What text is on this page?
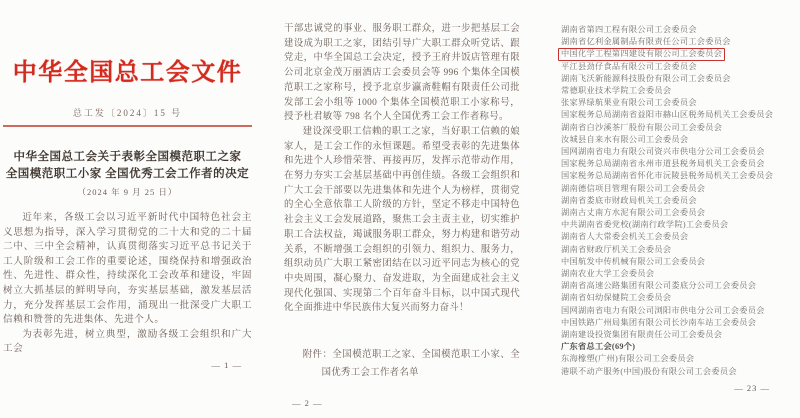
中华全国总工会文件
总工发〔2024〕15 号
中华全国总工会关于表彰全国模范职工之家
全国模范职工小家 全国优秀工会工作者的决定
（2024 年 9 月 25 日）

近年来，各级工会以习近平新时代中国特色社会主义思想为指导，深入学习贯彻党的二十大和党的二十届二中、三中全会精神，认真贯彻落实习近平总书记关于工人阶级和工会工作的重要论述，围绕保持和增强政治性、先进性、群众性，持续深化工会改革和建设，牢固树立大抓基层的鲜明导向，夯实基层基础，激发基层活力，充分发挥基层工会作用，涌现出一批深受广大职工信赖和赞誉的先进集体、先进个人。

为表彰先进，树立典型，激励各级工会组织和广大工会

— 1 —

干部忠诚党的事业、服务职工群众，进一步把基层工会建设成为职工之家，团结引导广大职工群众听党话、跟党走，中华全国总工会决定，授予王府井饭店管理有限公司北京金茂万丽酒店工会委员会等 996 个集体全国模范职工之家称号，授予北京步瀛斋鞋帽有限责任公司批发部工会小组等 1000 个集体全国模范职工小家称号，授予杜君敏等 798 名个人全国优秀工会工作者称号。

建设深受职工信赖的职工之家，当好职工信赖的娘家人，是工会工作的永恒课题。希望受表彰的先进集体和先进个人珍惜荣誉、再接再厉，发挥示范带动作用，在努力夯实工会基层基础中再创佳绩。各级工会组织和广大工会干部要以先进集体和先进个人为榜样，贯彻党的全心全意依靠工人阶级的方针，坚定不移走中国特色社会主义工会发展道路，聚焦工会主责主业，切实维护职工合法权益，竭诚服务职工群众，努力构建和谐劳动关系，不断增强工会组织的引领力、组织力、服务力，组织动员广大职工紧密团结在以习近平同志为核心的党中央周围，凝心聚力、奋发进取，为全面建成社会主义现代化强国、实现第二个百年奋斗目标，以中国式现代化全面推进中华民族伟大复兴而努力奋斗！

附件：全国模范职工之家、全国模范职工小家、全国优秀工会工作者名单
— 2 —
湖南省第四工程有限公司工会委员会
湖南省亿利金属制品有限责任公司工会委员会
中国化学工程第四建设有限公司工会委员会
平江县劲仔食品有限公司工会委员会
湖南飞沃新能源科技股份有限公司工会委员会
常德职业技术学院工会委员会
张家界绿航果业有限公司工会委员会
国家税务总局湖南省益阳市赫山区税务局机关工会委员会
湖南省白沙溪茶厂股份有限公司工会委员会
汝城县自来水有限公司工会委员会
国网湖南省电力有限公司资兴市供电分公司工会委员会
国家税务总局湖南省永州市道县税务局机关工会委员会
国家税务总局湖南省怀化市沅陵县税务局机关工会委员会
湖南德信项目管理有限公司工会委员会
湖南省娄底市财政局机关工会委员会
湖南古丈南方水泥有限公司工会委员会
中共湖南省委党校(湖南行政学院)工会委员会
湖南省人大常委会机关工会委员会
湖南省财政厅机关工会委员会
中国航发中传机械有限公司工会委员会
湖南农业大学工会委员会
湖南省高速公路集团有限公司娄底分公司工会委员会
湖南省妇幼保健院工会委员会
国网湖南省电力有限公司浏阳市供电分公司工会委员会
中国铁路广州局集团有限公司长沙南车站工会委员会
湖南建设投资集团有限责任公司工会委员会
广东省总工会(69个)
东海橡塑(广州)有限公司工会委员会
港联不动产服务(中国)股份有限公司工会委员会
— 23 —
